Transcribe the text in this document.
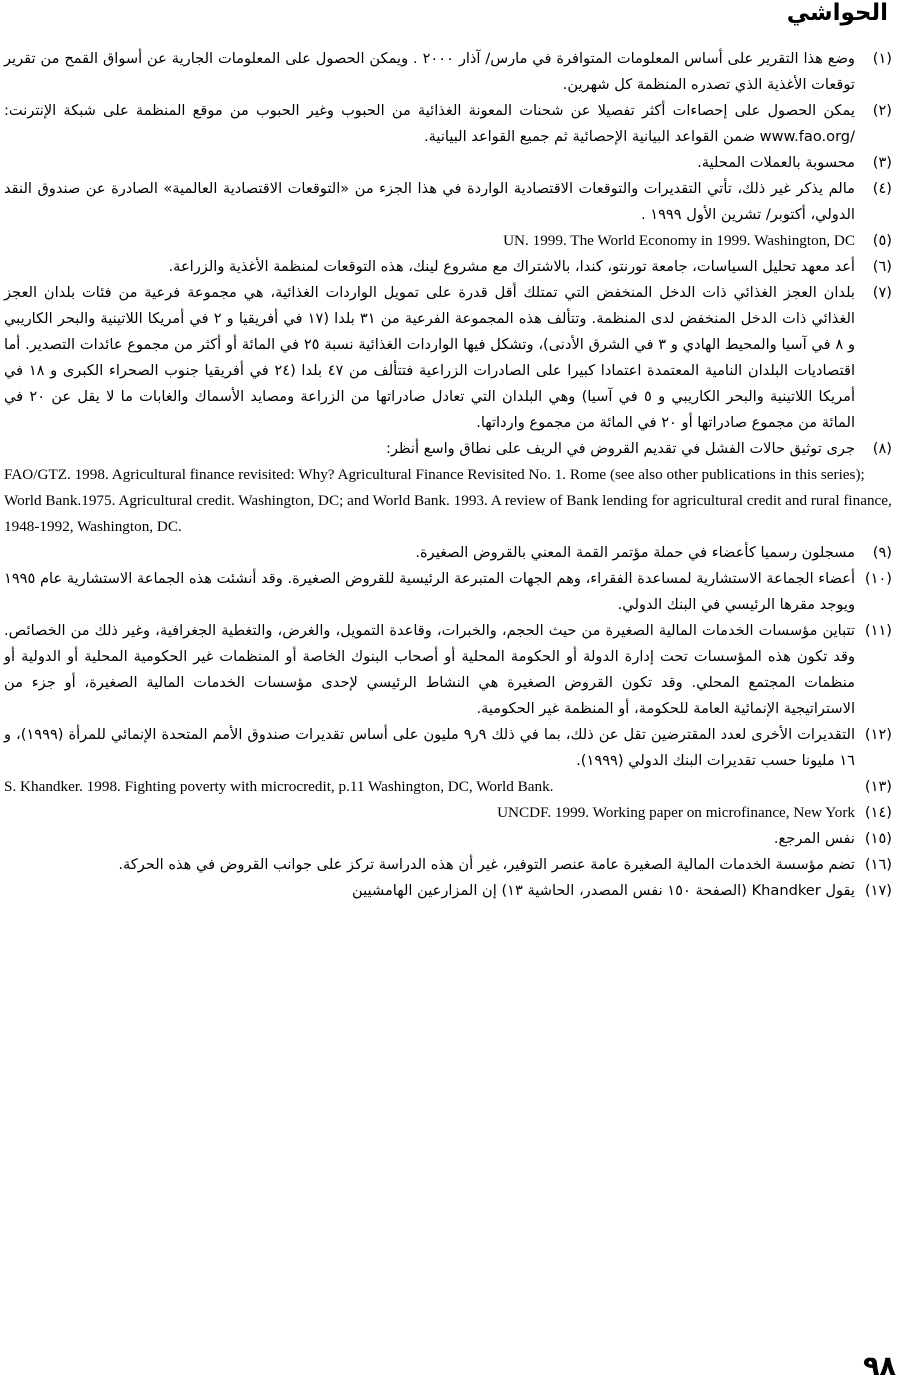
الحواشي
(١)
وضع هذا التقرير على أساس المعلومات المتوافرة في مارس/ آذار ٢٠٠٠ . ويمكن الحصول على المعلومات الجارية عن أسواق القمح من تقرير توقعات الأغذية الذي تصدره المنظمة كل شهرين.
(٢)
يمكن الحصول على إحصاءات أكثر تفصيلا عن شحنات المعونة الغذائية من الحبوب وغير الحبوب من موقع المنظمة على شبكة الإنترنت: /www.fao.org ضمن القواعد البيانية الإحصائية ثم جميع القواعد البيانية.
(٣)
محسوبة بالعملات المحلية.
(٤)
مالم يذكر غير ذلك، تأتي التقديرات والتوقعات الاقتصادية الواردة في هذا الجزء من «التوقعات الاقتصادية العالمية» الصادرة عن صندوق النقد الدولي، أكتوبر/ تشرين الأول ١٩٩٩ .
(٥)
UN. 1999. The World Economy in 1999. Washington, DC
(٦)
أعد معهد تحليل السياسات، جامعة تورنتو، كندا، بالاشتراك مع مشروع لينك، هذه التوقعات لمنظمة الأغذية والزراعة.
(٧)
بلدان العجز الغذائي ذات الدخل المنخفض التي تمتلك أقل قدرة على تمويل الواردات الغذائية، هي مجموعة فرعية من فئات بلدان العجز الغذائي ذات الدخل المنخفض لدى المنظمة. وتتألف هذه المجموعة الفرعية من ٣١ بلدا (١٧ في أفريقيا و ٢ في أمريكا اللاتينية والبحر الكاريبي و ٨ في آسيا والمحيط الهادي و ٣ في الشرق الأدنى)، وتشكل فيها الواردات الغذائية نسبة ٢٥ في المائة أو أكثر من مجموع عائدات التصدير. أما اقتصاديات البلدان النامية المعتمدة اعتمادا كبيرا على الصادرات الزراعية فتتألف من ٤٧ بلدا (٢٤ في أفريقيا جنوب الصحراء الكبرى و ١٨ في أمريكا اللاتينية والبحر الكاريبي و ٥ في آسيا) وهي البلدان التي تعادل صادراتها من الزراعة ومصايد الأسماك والغابات ما لا يقل عن ٢٠ في المائة من مجموع صادراتها أو ٢٠ في المائة من مجموع وارداتها.
(٨)
جرى توثيق حالات الفشل في تقديم القروض في الريف على نطاق واسع أنظر:
FAO/GTZ. 1998. Agricultural finance revisited: Why? Agricultural Finance Revisited No. 1. Rome (see also other publications in this series); World Bank.1975. Agricultural credit. Washington, DC; and World Bank. 1993. A review of Bank lending for agricultural credit and rural finance, 1948-1992, Washington, DC.
(٩)
مسجلون رسميا كأعضاء في حملة مؤتمر القمة المعني بالقروض الصغيرة.
(١٠)
أعضاء الجماعة الاستشارية لمساعدة الفقراء، وهم الجهات المتبرعة الرئيسية للقروض الصغيرة. وقد أنشئت هذه الجماعة الاستشارية عام ١٩٩٥ ويوجد مقرها الرئيسي في البنك الدولي.
(١١)
تتباين مؤسسات الخدمات المالية الصغيرة من حيث الحجم، والخبرات، وقاعدة التمويل، والغرض، والتغطية الجغرافية، وغير ذلك من الخصائص. وقد تكون هذه المؤسسات تحت إدارة الدولة أو الحكومة المحلية أو أصحاب البنوك الخاصة أو المنظمات غير الحكومية المحلية أو الدولية أو منظمات المجتمع المحلي. وقد تكون القروض الصغيرة هي النشاط الرئيسي لإحدى مؤسسات الخدمات المالية الصغيرة، أو جزء من الاستراتيجية الإنمائية العامة للحكومة، أو المنظمة غير الحكومية.
(١٢)
التقديرات الأخرى لعدد المقترضين تقل عن ذلك، بما في ذلك ٩ر٩ مليون على أساس تقديرات صندوق الأمم المتحدة الإنمائي للمرأة (١٩٩٩)، و ١٦ مليونا حسب تقديرات البنك الدولي (١٩٩٩).
(١٣)
S. Khandker. 1998. Fighting poverty with microcredit, p.11 Washington, DC, World Bank.
(١٤)
UNCDF. 1999. Working paper on microfinance, New York
(١٥)
نفس المرجع.
(١٦)
تضم مؤسسة الخدمات المالية الصغيرة عامة عنصر التوفير، غير أن هذه الدراسة تركز على جوانب القروض في هذه الحركة.
(١٧)
يقول Khandker (الصفحة ١٥٠ نفس المصدر، الحاشية ١٣) إن المزارعين الهامشيين
٩٨
